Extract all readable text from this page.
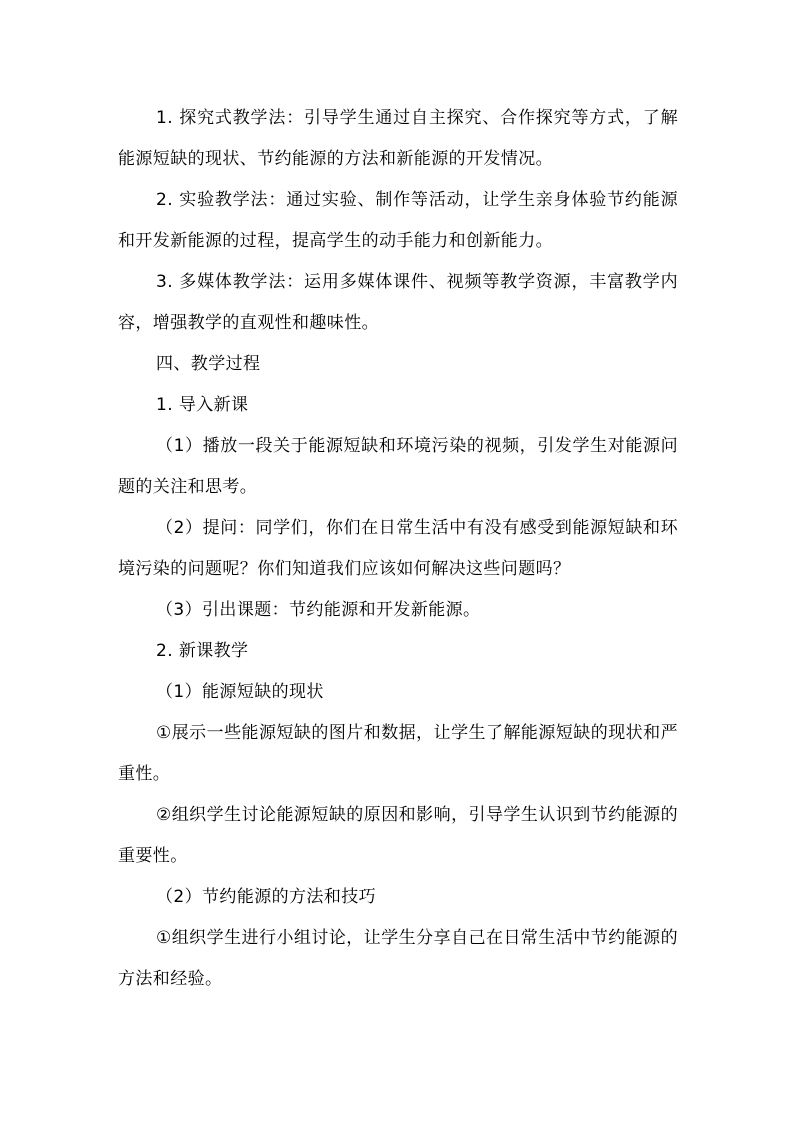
1. 探究式教学法：引导学生通过自主探究、合作探究等方式，了解能源短缺的现状、节约能源的方法和新能源的开发情况。

2. 实验教学法：通过实验、制作等活动，让学生亲身体验节约能源和开发新能源的过程，提高学生的动手能力和创新能力。

3. 多媒体教学法：运用多媒体课件、视频等教学资源，丰富教学内容，增强教学的直观性和趣味性。

四、教学过程

1. 导入新课

（1）播放一段关于能源短缺和环境污染的视频，引发学生对能源问题的关注和思考。

（2）提问：同学们，你们在日常生活中有没有感受到能源短缺和环境污染的问题呢？你们知道我们应该如何解决这些问题吗？

（3）引出课题：节约能源和开发新能源。

2. 新课教学

（1）能源短缺的现状

①展示一些能源短缺的图片和数据，让学生了解能源短缺的现状和严重性。

②组织学生讨论能源短缺的原因和影响，引导学生认识到节约能源的重要性。

（2）节约能源的方法和技巧

①组织学生进行小组讨论，让学生分享自己在日常生活中节约能源的方法和经验。
